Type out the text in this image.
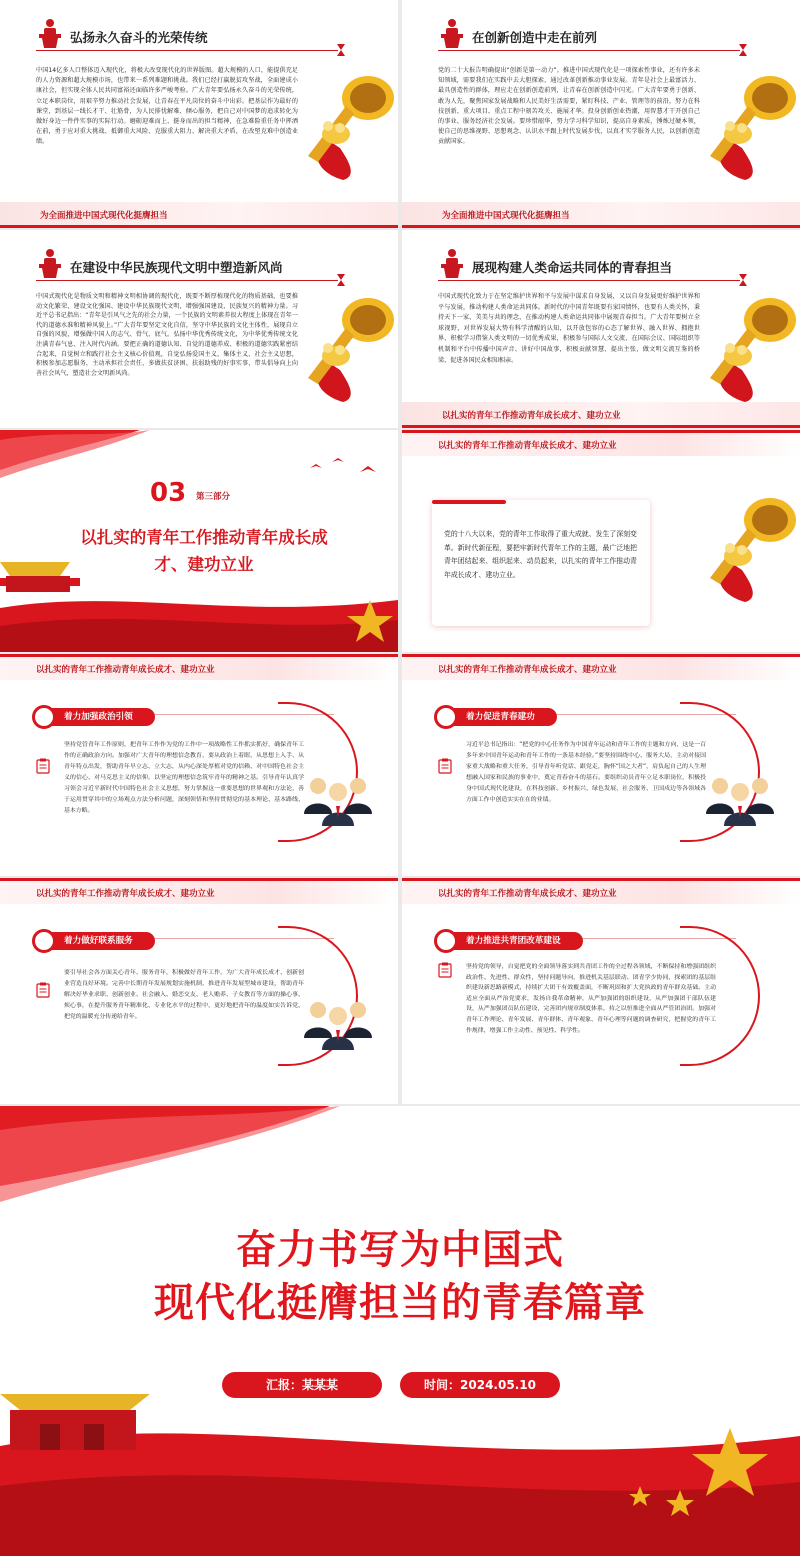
弘扬永久奋斗的光荣传统
中国14亿多人口整体迈入现代化，将极大改变现代化的世界版图。超大规模的人口，能提供充足的人力资源和超大规模市场，也带来一系列难题和挑战。我们已经打赢脱贫攻坚战，全面建成小康社会，但实现全体人民共同富裕还面临许多严峻考验。广大青年要弘扬永久奋斗的光荣传统，立足本职岗位，用艰辛努力推动社会发展，让青春在平凡岗位的奋斗中出彩。把基层作为最好的课堂，到基层一线长才干、壮筋骨，为人民排忧解难、倾心服务，把自己对中国梦的追求转化为做好身边一件件实事的实际行动。磨砺迎难而上、挺身而出的担当精神，在急难险重任务中挥洒在前，勇于应对重大挑战、抵御重大风险、克服重大阻力、解决重大矛盾，在改堅克难中创造业绩。
为全面推进中国式现代化挺膺担当
在创新创造中走在前列
党的二十大报告明确提出“创新是第一动力”。推进中国式现代化是一项探索性事业，还有许多未知领域，需要我们在实践中去大胆探索，通过改革创新推动事业发展。青年是社会上最富活力、最具创造性的群体，理应走在创新创造前列，让青春在创新创造中闪光。广大青年要勇于创新、敢为人先，聚焦国家发展战略和人民美好生活需要，紧盯科技、产业、管理等的前沿，努力在科技创新、重大项目、重点工程中刻苦攻关、施展才华。投身创新创业热潮，用智慧才干开创自己的事业、服务经济社会发展。要珍惜韶华，努力学习科学知识，提高自身素质，锤炼过硬本领，使自己的思维视野、思想观念、认识水平跟上时代发展步伐，以真才实学服务人民，以创新创造贡献国家。
为全面推进中国式现代化挺膺担当
在建设中华民族现代文明中塑造新风尚
中国式现代化是物质文明和精神文明相协调的现代化，既要不断厚植现代化的物质基础，也要推动文化繁荣、建设文化强国、建设中华民族现代文明，增强强国建设、民族复兴的精神力量。习近平总书记指出：“青年是引风气之先的社会力量，一个民族的文明素养很大程度上体现在青年一代的道德水准和精神风貌上。”广大青年要坚定文化自信，坚守中华民族的文化主体性，展现自立自强的风貌，增强做中国人的志气、骨气、底气。弘扬中华优秀传统文化，为中华优秀传统文化注满青春气息、注入时代内涵。要把正确的道德认知、自觉的道德养成、积极的道德实践紧密结合起来，自觉树立和践行社会主义核心价值观，自觉弘扬爱国主义、集体主义、社会主义思想，积极参加志愿服务，主动承担社会责任，多做扶贫济困、扶弱助残的好事实事，带头倡导向上向善社会风气，塑造社会文明新风尚。
展现构建人类命运共同体的青春担当
中国式现代化致力于在坚定维护世界和平与发展中谋求自身发展，又以自身发展更好维护世界和平与发展，推动构建人类命运共同体。新时代的中国青年既要有家国情怀，也要有人类关怀，秉持天下一家、美美与共的理念，在推动构建人类命运共同体中展现青春担当。广大青年要树立全球视野，对世界发展大势有科学清醒的认知，以开放包容的心态了解世界、融入世界、拥抱世界，积极学习借鉴人类文明的一切优秀成果，积极参与国际人文交流，在国际会议、国际组织等机制和平台中传播中国声音、讲好中国故事，积极贡献智慧、提出主张，做文明交流互鉴的桥梁，促进各国民众相知相亲。
以扎实的青年工作推动青年成长成才、建功立业
03 第三部分
以扎实的青年工作推动青年成长成才、建功立业
以扎实的青年工作推动青年成长成才、建功立业
党的十八大以来，党的青年工作取得了重大成就、发生了深刻变革。新时代新征程，要把牢新时代青年工作的主题，最广泛地把青年团结起来、组织起来、动员起来，以扎实的青年工作推动青年成长成才、建功立业。
以扎实的青年工作推动青年成长成才、建功立业
着力加强政治引领
坚持党管青年工作原则，把青年工作作为党的工作中一项战略性工作抓实抓好，确保青年工作的正确政治方向。加强对广大青年的理想信念教育，要从政治上着眼、从思想上入手、从青年特点出发，帮助青年早立志、立大志，从内心深处厚植对党的信赖、对中国特色社会主义的信心、对马克思主义的信仰，以坚定的理想信念筑牢青年的精神之基。引导青年认真学习领会习近平新时代中国特色社会主义思想，努力掌握这一重要思想的世界观和方法论，善于运用贯穿其中的立场观点方法分析问题，深刻领悟和坚持贯彻党的基本理论、基本路线、基本方略。
以扎实的青年工作推动青年成长成才、建功立业
着力促进青春建功
习近平总书记指出：“把党的中心任务作为中国青年运动和青年工作的主题和方向，这是一百多年来中国青年运动和青年工作的一条基本经验。”要坚持围绕中心、服务大局，主动对接国家重大战略和重大任务，引导青年听党话、跟党走，胸怀“国之大者”，肩负起自己的人生理想融入国家和民族的事业中，奠定青春奋斗的基石。要组织动员青年立足本职岗位，积极投身中国式现代化建设，在科技创新、乡村振兴、绿色发展、社会服务、卫国戍边等各领域各方面工作中创造实实在在的业绩。
以扎实的青年工作推动青年成长成才、建功立业
着力做好联系服务
要引导社会各方面关心青年、服务青年，积极做好青年工作，为广大青年成长成才、创新创业营造良好环境。完善中长期青年发展规划实施机制，推进青年发展型城市建设，帮助青年解决好毕业求职、创新创业、社会融入、婚恋交友、老人赡养、子女教育等方面的操心事、烦心事，在提升服务青年精准化、专业化水平的过程中，更好地把青年的温度如实告诉党，把党的温暖充分传递给青年。
以扎实的青年工作推动青年成长成才、建功立业
着力推进共青团改革建设
坚持党的领导，自觉把党的全面领导落实到共青团工作的全过程各领域，不断保持和增强团组织政治性、先进性、群众性，坚持问题导向，推进机关基层联动、团青学少协同，探索团的基层组织建设新思路新模式，持续扩大团干有效覆盖面，不断巩固和扩大党执政的青年群众基础。主动适应全面从严治党要求，发扬自我革命精神，从严加强团的组织建设，从严加强团干部队伍建设，从严加强团员队伍建设，完善团内规章制度体系，持之以恒推进全面从严管团治团。加强对青年工作理论、青年发展、青年群体、青年观象、青年心理等问题的调查研究，把握党的青年工作规律，增强工作主动性、预见性、科学性。
奋力书写为中国式
现代化挺膺担当的青春篇章
汇报：某某某	时间：2024.05.10
